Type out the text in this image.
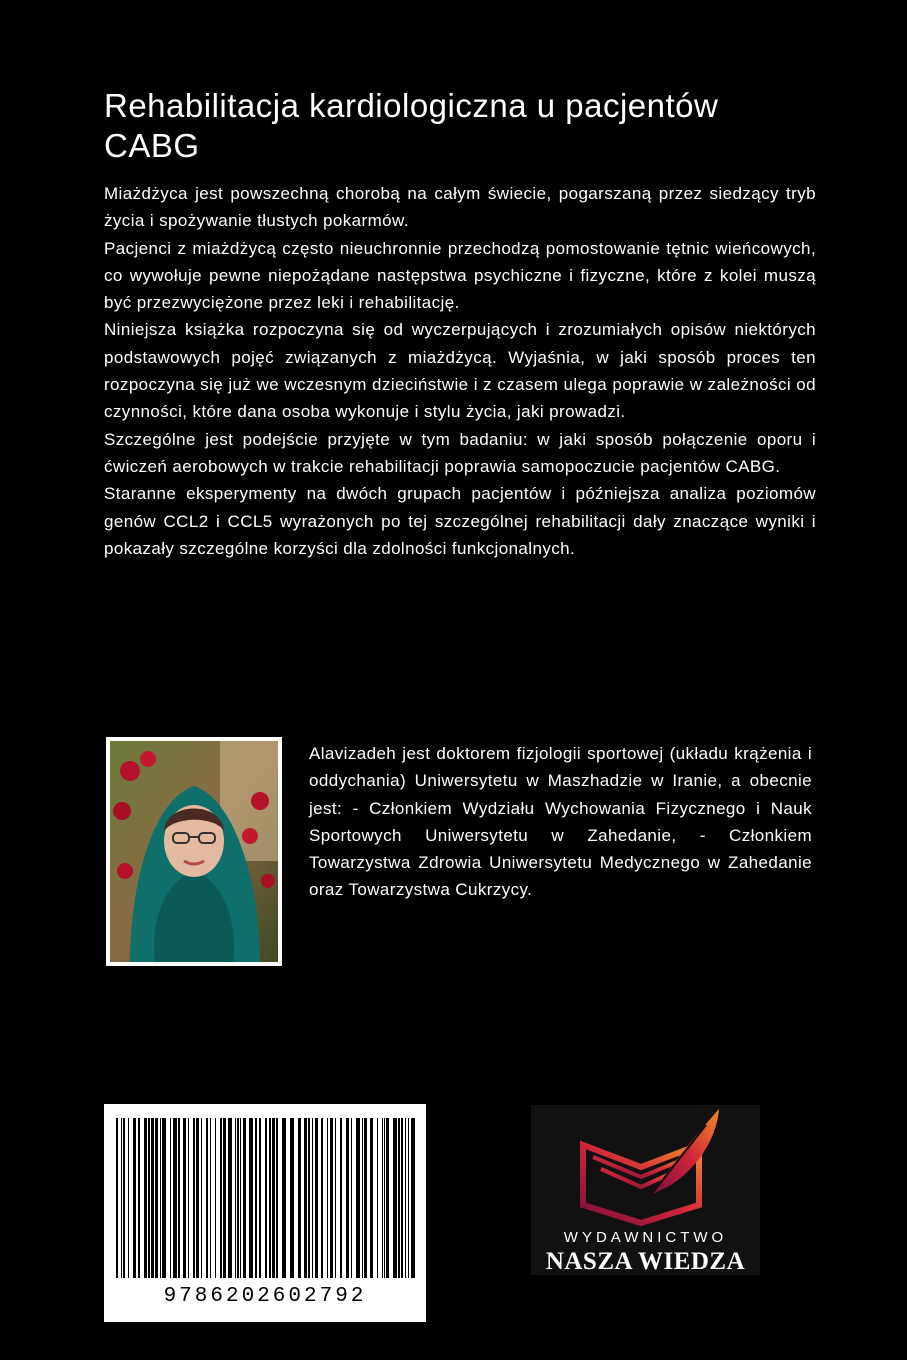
Rehabilitacja kardiologiczna u pacjentów CABG

Miażdżyca jest powszechną chorobą na całym świecie, pogarszaną przez siedzący tryb życia i spożywanie tłustych pokarmów.

Pacjenci z miażdżycą często nieuchronnie przechodzą pomostowanie tętnic wieńcowych, co wywołuje pewne niepożądane następstwa psychiczne i fizyczne, które z kolei muszą być przezwyciężone przez leki i rehabilitację.

Niniejsza książka rozpoczyna się od wyczerpujących i zrozumiałych opisów niektórych podstawowych pojęć związanych z miażdżycą. Wyjaśnia, w jaki sposób proces ten rozpoczyna się już we wczesnym dzieciństwie i z czasem ulega poprawie w zależności od czynności, które dana osoba wykonuje i stylu życia, jaki prowadzi.

Szczególne jest podejście przyjęte w tym badaniu: w jaki sposób połączenie oporu i ćwiczeń aerobowych w trakcie rehabilitacji poprawia samopoczucie pacjentów CABG.

Staranne eksperymenty na dwóch grupach pacjentów i późniejsza analiza poziomów genów CCL2 i CCL5 wyrażonych po tej szczególnej rehabilitacji dały znaczące wyniki i pokazały szczególne korzyści dla zdolności funkcjonalnych.

Alavizadeh jest doktorem fizjologii sportowej (układu krążenia i oddychania) Uniwersytetu w Maszhadzie w Iranie, a obecnie jest: - Członkiem Wydziału Wychowania Fizycznego i Nauk Sportowych Uniwersytetu w Zahedanie, - Członkiem Towarzystwa Zdrowia Uniwersytetu Medycznego w Zahedanie oraz Towarzystwa Cukrzycy.

9786202602792
WYDAWNICTWO
NASZA WIEDZA
